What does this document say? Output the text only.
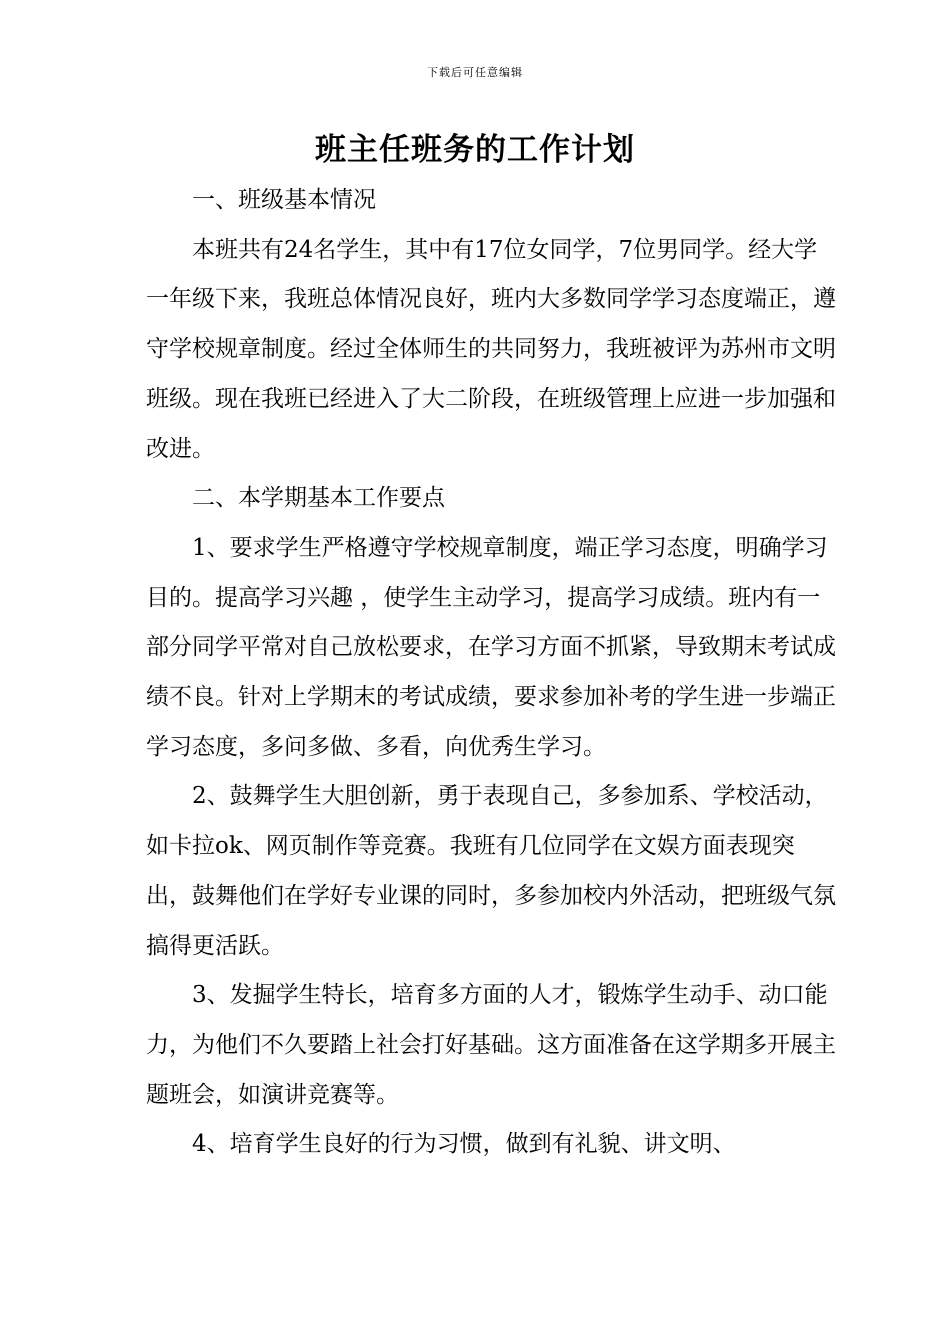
下载后可任意编辑
班主任班务的工作计划

一、班级基本情况

本班共有24名学生，其中有17位女同学，7位男同学。经大学一年级下来，我班总体情况良好，班内大多数同学学习态度端正，遵守学校规章制度。经过全体师生的共同努力，我班被评为苏州市文明班级。现在我班已经进入了大二阶段，在班级管理上应进一步加强和改进。

二、本学期基本工作要点

1、要求学生严格遵守学校规章制度，端正学习态度，明确学习目的。提高学习兴趣 ，使学生主动学习，提高学习成绩。班内有一部分同学平常对自己放松要求，在学习方面不抓紧，导致期末考试成绩不良。针对上学期末的考试成绩，要求参加补考的学生进一步端正学习态度，多问多做、多看，向优秀生学习。

2、鼓舞学生大胆创新，勇于表现自己，多参加系、学校活动，如卡拉ok、网页制作等竞赛。我班有几位同学在文娱方面表现突出，鼓舞他们在学好专业课的同时，多参加校内外活动，把班级气氛搞得更活跃。

3、发掘学生特长，培育多方面的人才，锻炼学生动手、动口能力，为他们不久要踏上社会打好基础。这方面准备在这学期多开展主题班会，如演讲竞赛等。

4、培育学生良好的行为习惯，做到有礼貌、讲文明、
